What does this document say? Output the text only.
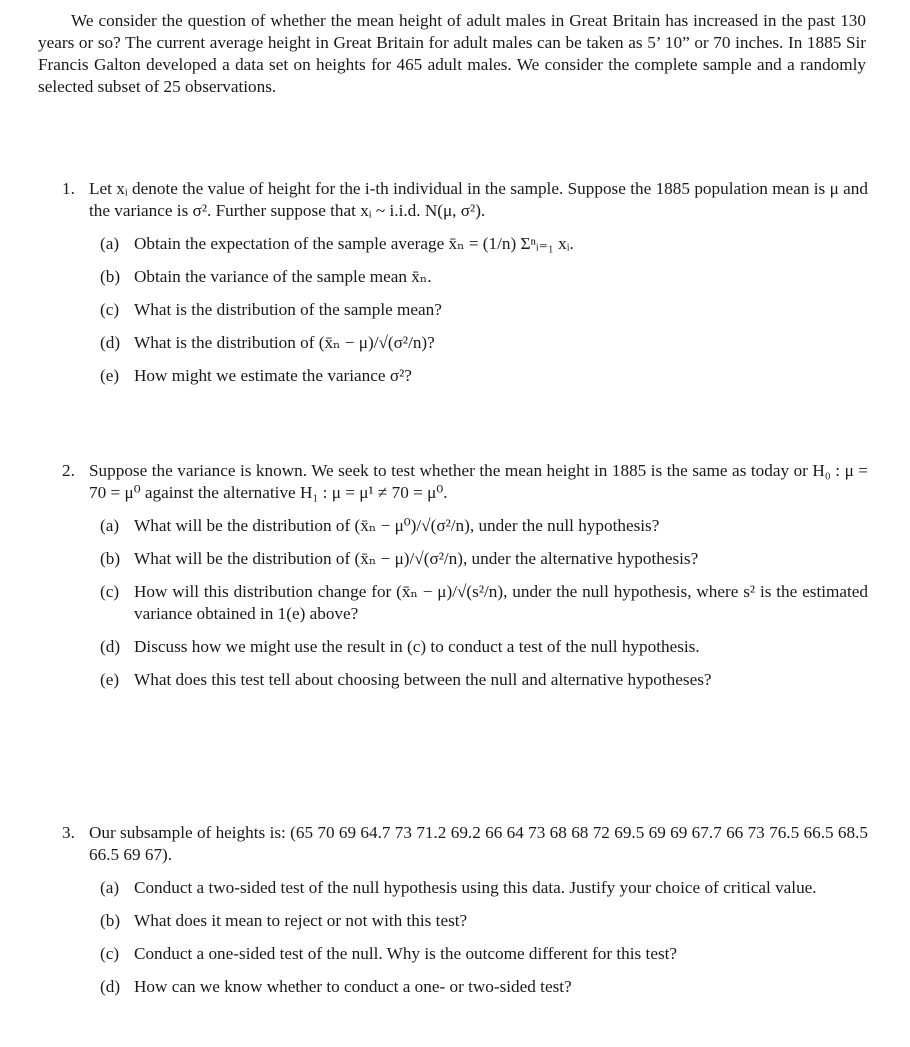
We consider the question of whether the mean height of adult males in Great Britain has increased in the past 130 years or so? The current average height in Great Britain for adult males can be taken as 5’ 10” or 70 inches. In 1885 Sir Francis Galton developed a data set on heights for 465 adult males. We consider the complete sample and a randomly selected subset of 25 observations.

1. Let xᵢ denote the value of height for the i-th individual in the sample. Suppose the 1885 population mean is μ and the variance is σ². Further suppose that xᵢ ~ i.i.d. N(μ, σ²).
(a) Obtain the expectation of the sample average x̄ₙ = (1/n) Σⁿᵢ₌₁ xᵢ.
(b) Obtain the variance of the sample mean x̄ₙ.
(c) What is the distribution of the sample mean?
(d) What is the distribution of (x̄ₙ − μ)/√(σ²/n)?
(e) How might we estimate the variance σ²?
2. Suppose the variance is known. We seek to test whether the mean height in 1885 is the same as today or H₀ : μ = 70 = μ⁰ against the alternative H₁ : μ = μ¹ ≠ 70 = μ⁰.
(a) What will be the distribution of (x̄ₙ − μ⁰)/√(σ²/n), under the null hypothesis?
(b) What will be the distribution of (x̄ₙ − μ)/√(σ²/n), under the alternative hypothesis?
(c) How will this distribution change for (x̄ₙ − μ)/√(s²/n), under the null hypothesis, where s² is the estimated variance obtained in 1(e) above?
(d) Discuss how we might use the result in (c) to conduct a test of the null hypothesis.
(e) What does this test tell about choosing between the null and alternative hypotheses?
3. Our subsample of heights is: (65 70 69 64.7 73 71.2 69.2 66 64 73 68 68 72 69.5 69 69 67.7 66 73 76.5 66.5 68.5 66.5 69 67).
(a) Conduct a two-sided test of the null hypothesis using this data. Justify your choice of critical value.
(b) What does it mean to reject or not with this test?
(c) Conduct a one-sided test of the null. Why is the outcome different for this test?
(d) How can we know whether to conduct a one- or two-sided test?
